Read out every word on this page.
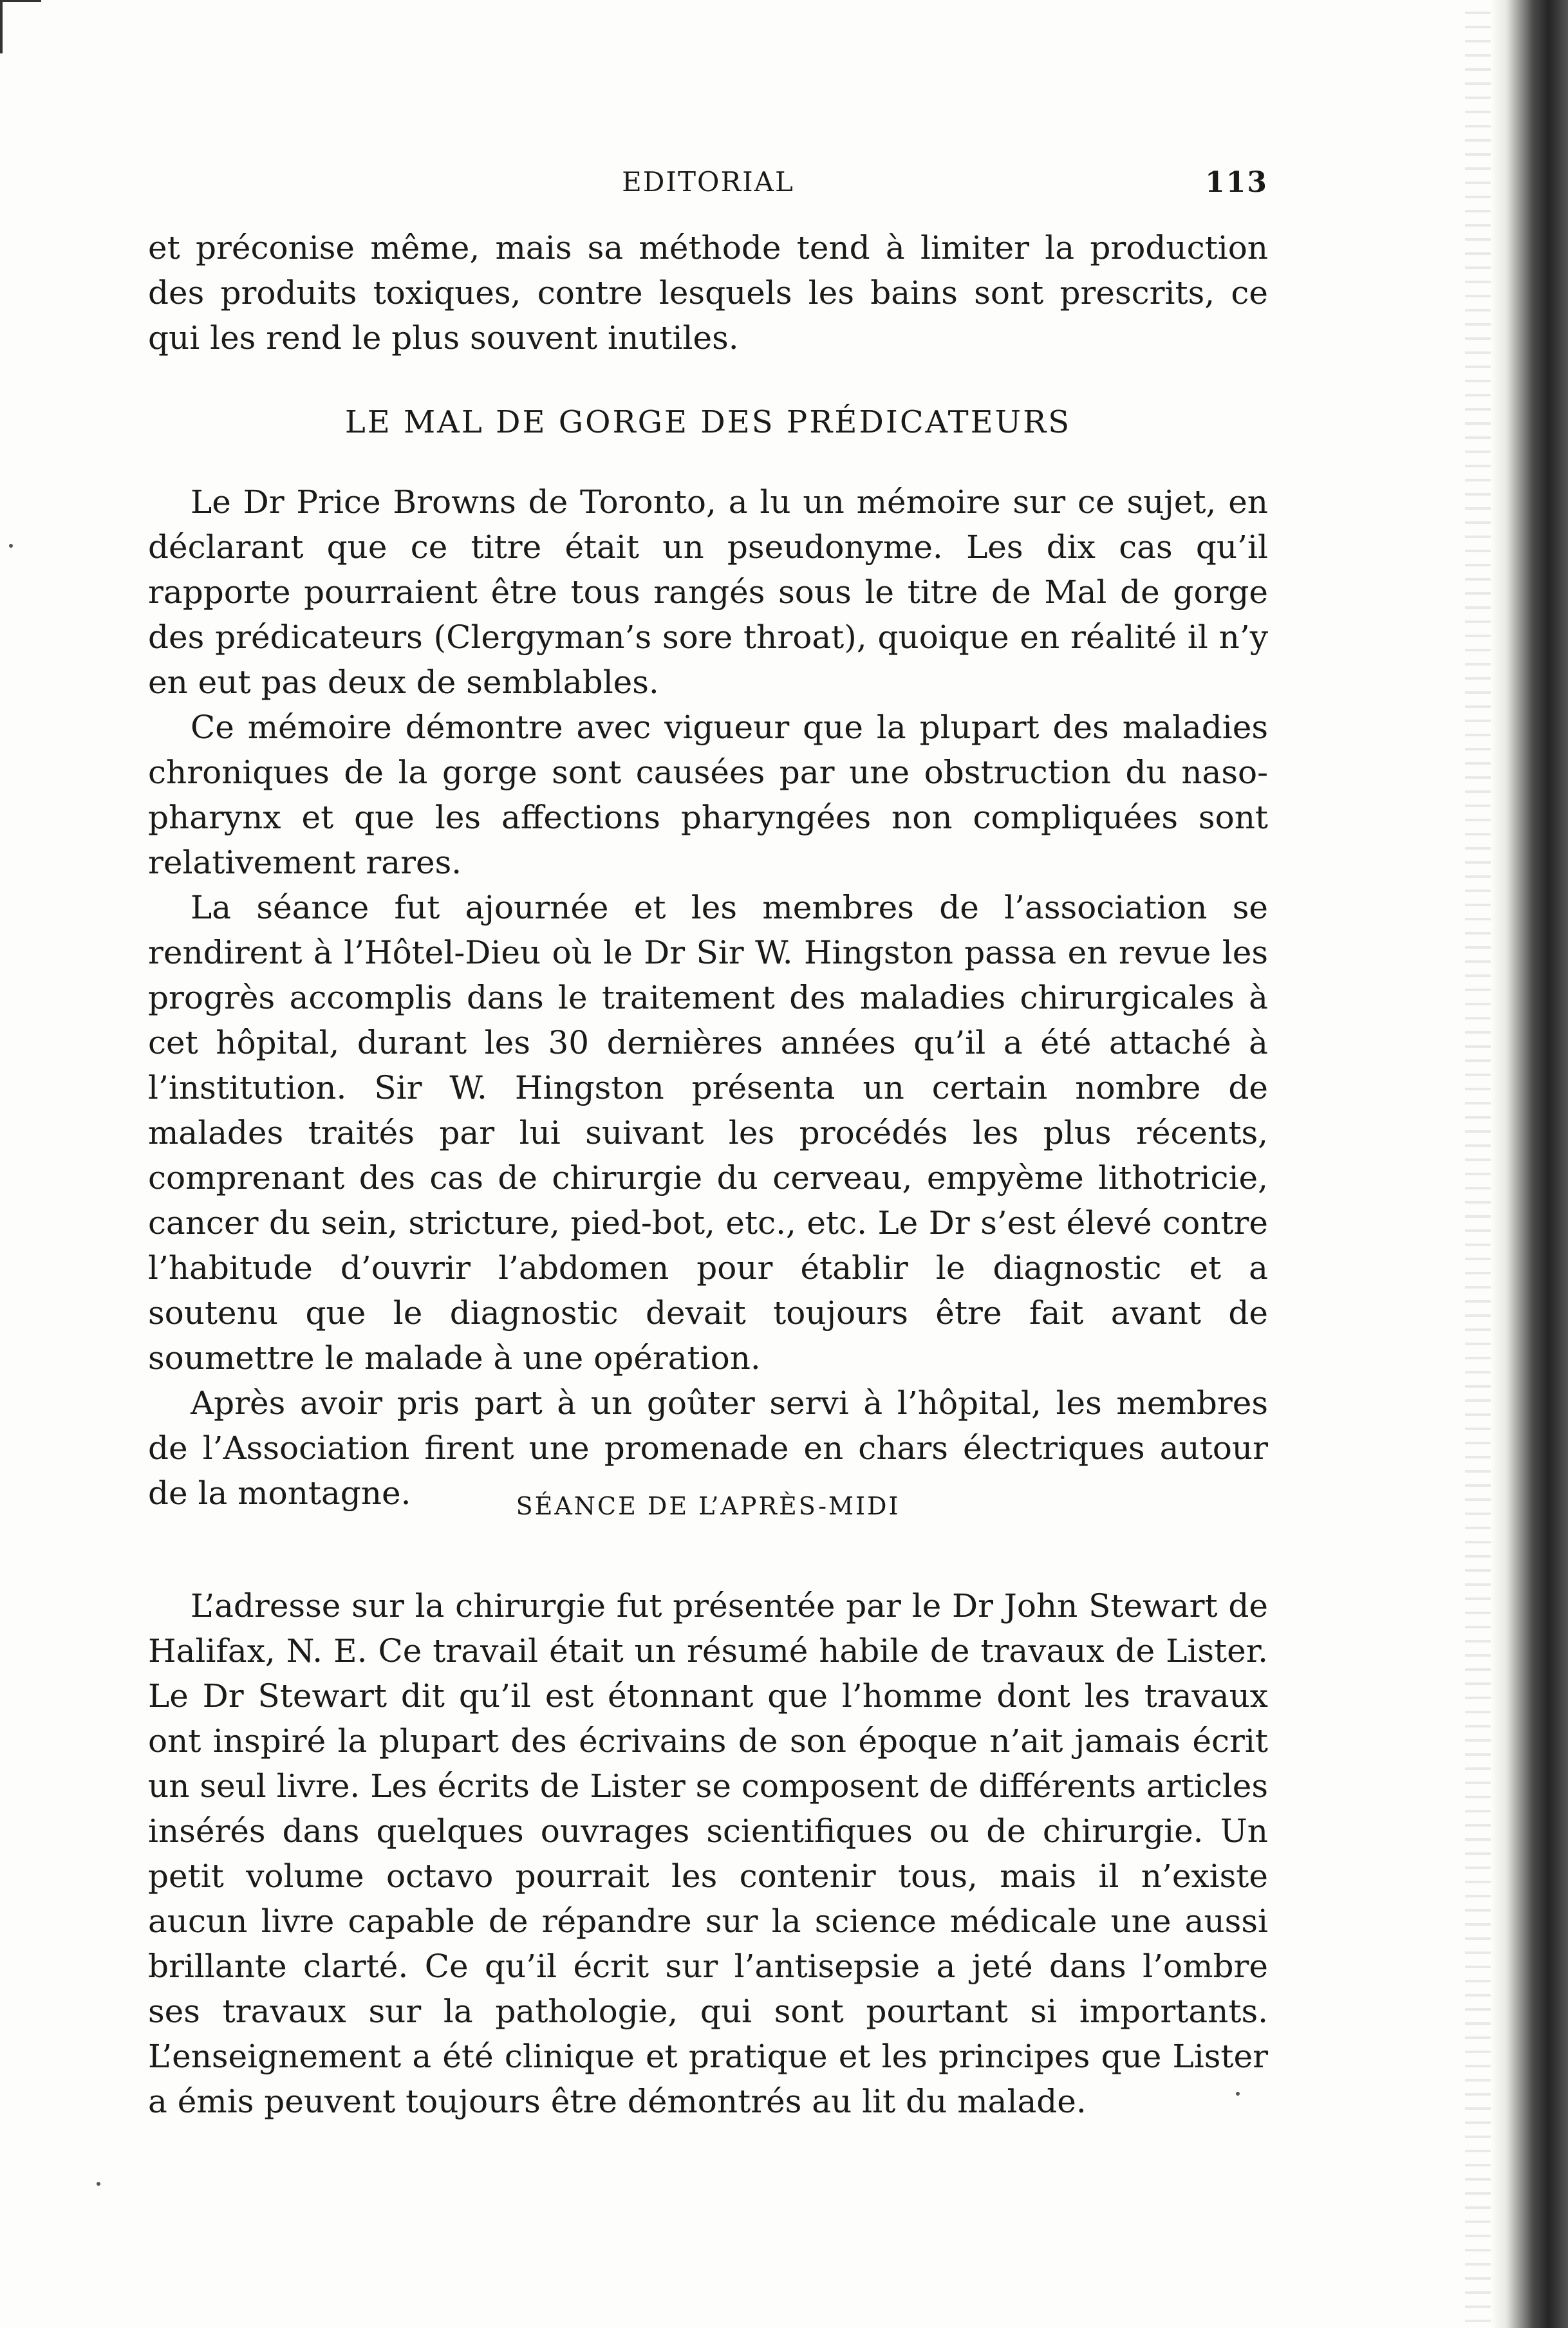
EDITORIAL	113

et préconise même, mais sa méthode tend à limiter la production des produits toxiques, contre lesquels les bains sont prescrits, ce qui les rend le plus souvent inutiles.

LE MAL DE GORGE DES PRÉDICATEURS

Le Dr Price Browns de Toronto, a lu un mémoire sur ce sujet, en déclarant que ce titre était un pseudonyme. Les dix cas qu’il rapporte pourraient être tous rangés sous le titre de Mal de gorge des prédicateurs (Clergyman’s sore throat), quoique en réalité il n’y en eut pas deux de semblables.

Ce mémoire démontre avec vigueur que la plupart des maladies chroniques de la gorge sont causées par une obstruction du naso-pharynx et que les affections pharyngées non compliquées sont relativement rares.

La séance fut ajournée et les membres de l’association se rendirent à l’Hôtel-Dieu où le Dr Sir W. Hingston passa en revue les progrès accomplis dans le traitement des maladies chirurgicales à cet hôpital, durant les 30 dernières années qu’il a été attaché à l’institution. Sir W. Hingston présenta un certain nombre de malades traités par lui suivant les procédés les plus récents, comprenant des cas de chirurgie du cerveau, empyème lithotricie, cancer du sein, stricture, pied-bot, etc., etc. Le Dr s’est élevé contre l’habitude d’ouvrir l’abdomen pour établir le diagnostic et a soutenu que le diagnostic devait toujours être fait avant de soumettre le malade à une opération.

Après avoir pris part à un goûter servi à l’hôpital, les membres de l’Association firent une promenade en chars électriques autour de la montagne.	SÉANCE DE L’APRÈS-MIDI

L’adresse sur la chirurgie fut présentée par le Dr John Stewart de Halifax, N. E. Ce travail était un résumé habile de travaux de Lister. Le Dr Stewart dit qu’il est étonnant que l’homme dont les travaux ont inspiré la plupart des écrivains de son époque n’ait jamais écrit un seul livre. Les écrits de Lister se composent de différents articles insérés dans quelques ouvrages scientifiques ou de chirurgie. Un petit volume octavo pourrait les contenir tous, mais il n’existe aucun livre capable de répandre sur la science médicale une aussi brillante clarté. Ce qu’il écrit sur l’antisepsie a jeté dans l’ombre ses travaux sur la pathologie, qui sont pourtant si importants. L’enseignement a été clinique et pratique et les principes que Lister a émis peuvent toujours être démontrés au lit du malade.
